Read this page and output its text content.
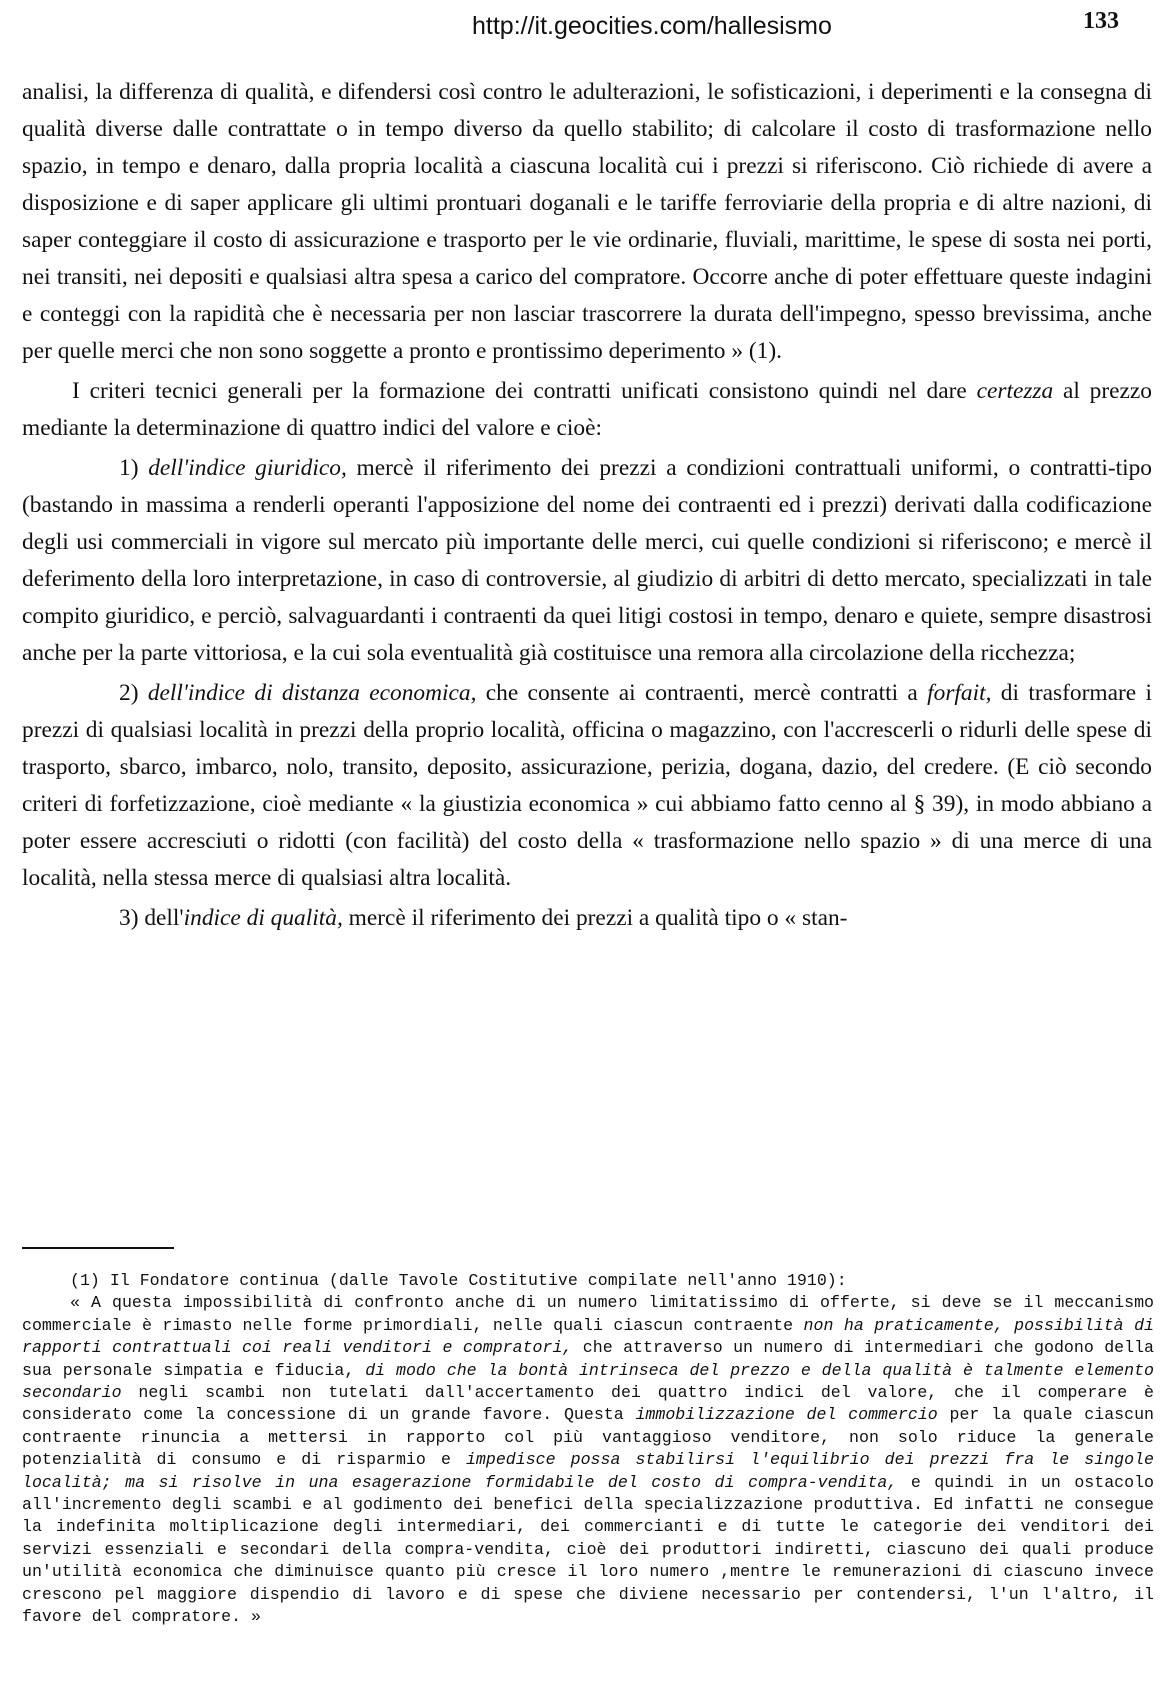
http://it.geocities.com/hallesismo	133

analisi, la differenza di qualità, e difendersi così contro le adulterazioni, le sofisticazioni, i deperimenti e la consegna di qualità diverse dalle contrattate o in tempo diverso da quello stabilito; di calcolare il costo di trasformazione nello spazio, in tempo e denaro, dalla propria località a ciascuna località cui i prezzi si riferiscono. Ciò richiede di avere a disposizione e di saper applicare gli ultimi prontuari doganali e le tariffe ferroviarie della propria e di altre nazioni, di saper conteggiare il costo di assicurazione e trasporto per le vie ordinarie, fluviali, marittime, le spese di sosta nei porti, nei transiti, nei depositi e qualsiasi altra spesa a carico del compratore. Occorre anche di poter effettuare queste indagini e conteggi con la rapidità che è necessaria per non lasciar trascorrere la durata dell'impegno, spesso brevissima, anche per quelle merci che non sono soggette a pronto e prontissimo deperimento » (1).

I criteri tecnici generali per la formazione dei contratti unificati consistono quindi nel dare certezza al prezzo mediante la determinazione di quattro indici del valore e cioè:

1) dell'indice giuridico, mercè il riferimento dei prezzi a condizioni contrattuali uniformi, o contratti-tipo (bastando in massima a renderli operanti l'apposizione del nome dei contraenti ed i prezzi) derivati dalla codificazione degli usi commerciali in vigore sul mercato più importante delle merci, cui quelle condizioni si riferiscono; e mercè il deferimento della loro interpretazione, in caso di controversie, al giudizio di arbitri di detto mercato, specializzati in tale compito giuridico, e perciò, salvaguardanti i contraenti da quei litigi costosi in tempo, denaro e quiete, sempre disastrosi anche per la parte vittoriosa, e la cui sola eventualità già costituisce una remora alla circolazione della ricchezza;

2) dell'indice di distanza economica, che consente ai contraenti, mercè contratti a forfait, di trasformare i prezzi di qualsiasi località in prezzi della proprio località, officina o magazzino, con l'accrescerli o ridurli delle spese di trasporto, sbarco, imbarco, nolo, transito, deposito, assicurazione, perizia, dogana, dazio, del credere. (E ciò secondo criteri di forfetizzazione, cioè mediante « la giustizia economica » cui abbiamo fatto cenno al § 39), in modo abbiano a poter essere accresciuti o ridotti (con facilità) del costo della « trasformazione nello spazio » di una merce di una località, nella stessa merce di qualsiasi altra località.

3) dell'indice di qualità, mercè il riferimento dei prezzi a qualità tipo o « stan-

(1) Il Fondatore continua (dalle Tavole Costitutive compilate nell'anno 1910):

« A questa impossibilità di confronto anche di un numero limitatissimo di offerte, si deve se il meccanismo commerciale è rimasto nelle forme primordiali, nelle quali ciascun contraente non ha praticamente, possibilità di rapporti contrattuali coi reali venditori e compratori, che attraverso un numero di intermediari che godono della sua personale simpatia e fiducia, di modo che la bontà intrinseca del prezzo e della qualità è talmente elemento secondario negli scambi non tutelati dall'accertamento dei quattro indici del valore, che il comperare è considerato come la concessione di un grande favore. Questa immobilizzazione del commercio per la quale ciascun contraente rinuncia a mettersi in rapporto col più vantaggioso venditore, non solo riduce la generale potenzialità di consumo e di risparmio e impedisce possa stabilirsi l'equilibrio dei prezzi fra le singole località; ma si risolve in una esagerazione formidabile del costo di compra-vendita, e quindi in un ostacolo all'incremento degli scambi e al godimento dei benefici della specializzazione produttiva. Ed infatti ne consegue la indefinita moltiplicazione degli intermediari, dei commercianti e di tutte le categorie dei venditori dei servizi essenziali e secondari della compra-vendita, cioè dei produttori indiretti, ciascuno dei quali produce un'utilità economica che diminuisce quanto più cresce il loro numero ,mentre le remunerazioni di ciascuno invece crescono pel maggiore dispendio di lavoro e di spese che diviene necessario per contendersi, l'un l'altro, il favore del compratore. »
